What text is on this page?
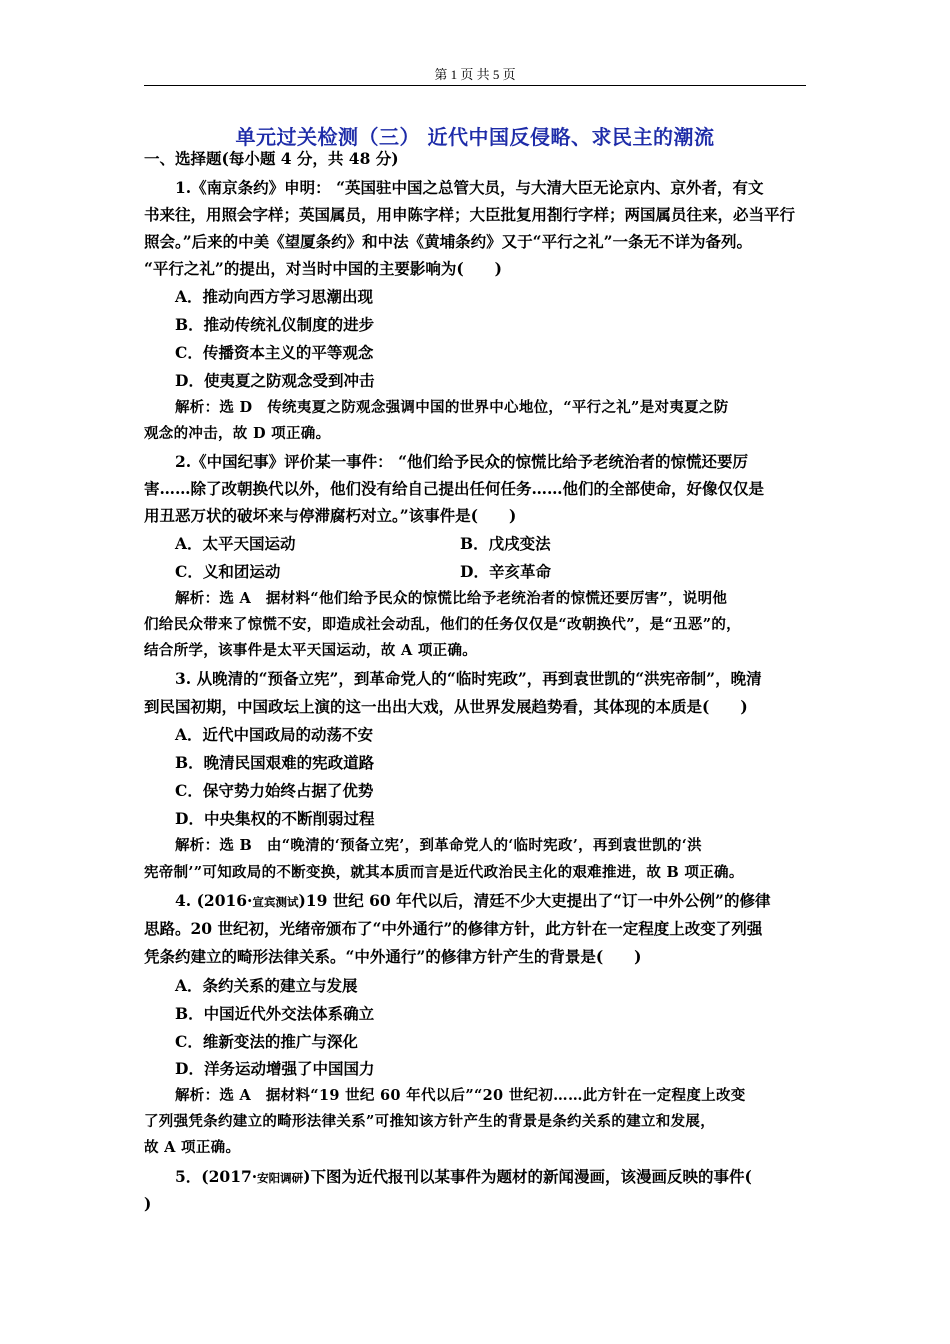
第 1 页 共 5 页
单元过关检测（三） 近代中国反侵略、求民主的潮流
一、选择题(每小题 4 分，共 48 分)
1.《南京条约》申明： “英国驻中国之总管大员，与大清大臣无论京内、京外者，有文
书来往，用照会字样；英国属员，用申陈字样；大臣批复用剳行字样；两国属员往来，必当平行
照会。”后来的中美《望厦条约》和中法《黄埔条约》又于“平行之礼”一条无不详为备列。
“平行之礼”的提出，对当时中国的主要影响为(　　)
A．推动向西方学习思潮出现
B．推动传统礼仪制度的进步
C．传播资本主义的平等观念
D．使夷夏之防观念受到冲击
解析：选 D　传统夷夏之防观念强调中国的世界中心地位，“平行之礼”是对夷夏之防
观念的冲击，故 D 项正确。
2.《中国纪事》评价某一事件： “他们给予民众的惊慌比给予老统治者的惊慌还要厉
害……除了改朝换代以外，他们没有给自己提出任何任务……他们的全部使命，好像仅仅是
用丑恶万状的破坏来与停滞腐朽对立。”该事件是(　　)
A．太平天国运动	B．戊戌变法
C．义和团运动	D．辛亥革命
解析：选 A　据材料“他们给予民众的惊慌比给予老统治者的惊慌还要厉害”，说明他
们给民众带来了惊慌不安，即造成社会动乱，他们的任务仅仅是“改朝换代”，是“丑恶”的，
结合所学，该事件是太平天国运动，故 A 项正确。
3. 从晚清的“预备立宪”，到革命党人的“临时宪政”，再到袁世凯的“洪宪帝制”，晚清
到民国初期，中国政坛上演的这一出出大戏，从世界发展趋势看，其体现的本质是(　　)
A．近代中国政局的动荡不安
B．晚清民国艰难的宪政道路
C．保守势力始终占据了优势
D．中央集权的不断削弱过程
解析：选 B　由“晚清的‘预备立宪’，到革命党人的‘临时宪政’，再到袁世凯的‘洪
宪帝制’”可知政局的不断变换，就其本质而言是近代政治民主化的艰难推进，故 B 项正确。
4. (2016·宣宾测试)19 世纪 60 年代以后，清廷不少大吏提出了“订一中外公例”的修律
思路。20 世纪初，光绪帝颁布了“中外通行”的修律方针，此方针在一定程度上改变了列强
凭条约建立的畸形法律关系。“中外通行”的修律方针产生的背景是(　　)
A．条约关系的建立与发展
B．中国近代外交法体系确立
C．维新变法的推广与深化
D．洋务运动增强了中国国力
解析：选 A　据材料“19 世纪 60 年代以后”“20 世纪初……此方针在一定程度上改变
了列强凭条约建立的畸形法律关系”可推知该方针产生的背景是条约关系的建立和发展，
故 A 项正确。
5．(2017·安阳调研)下图为近代报刊以某事件为题材的新闻漫画，该漫画反映的事件(
)
